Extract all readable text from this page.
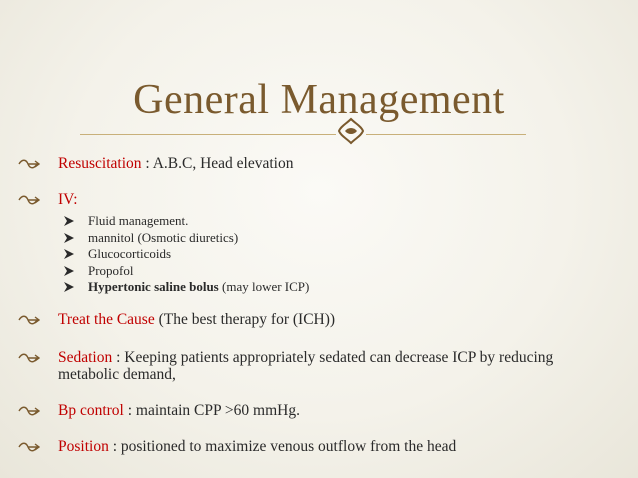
General Management
Resuscitation : A.B.C, Head elevation
IV:
Fluid management.
mannitol (Osmotic diuretics)
Glucocorticoids
Propofol
Hypertonic saline bolus (may lower ICP)
Treat the Cause (The best therapy for (ICH))
Sedation : Keeping patients appropriately sedated can decrease ICP by reducing metabolic demand,
Bp control : maintain CPP >60 mmHg.
Position : positioned to maximize venous outflow from the head
